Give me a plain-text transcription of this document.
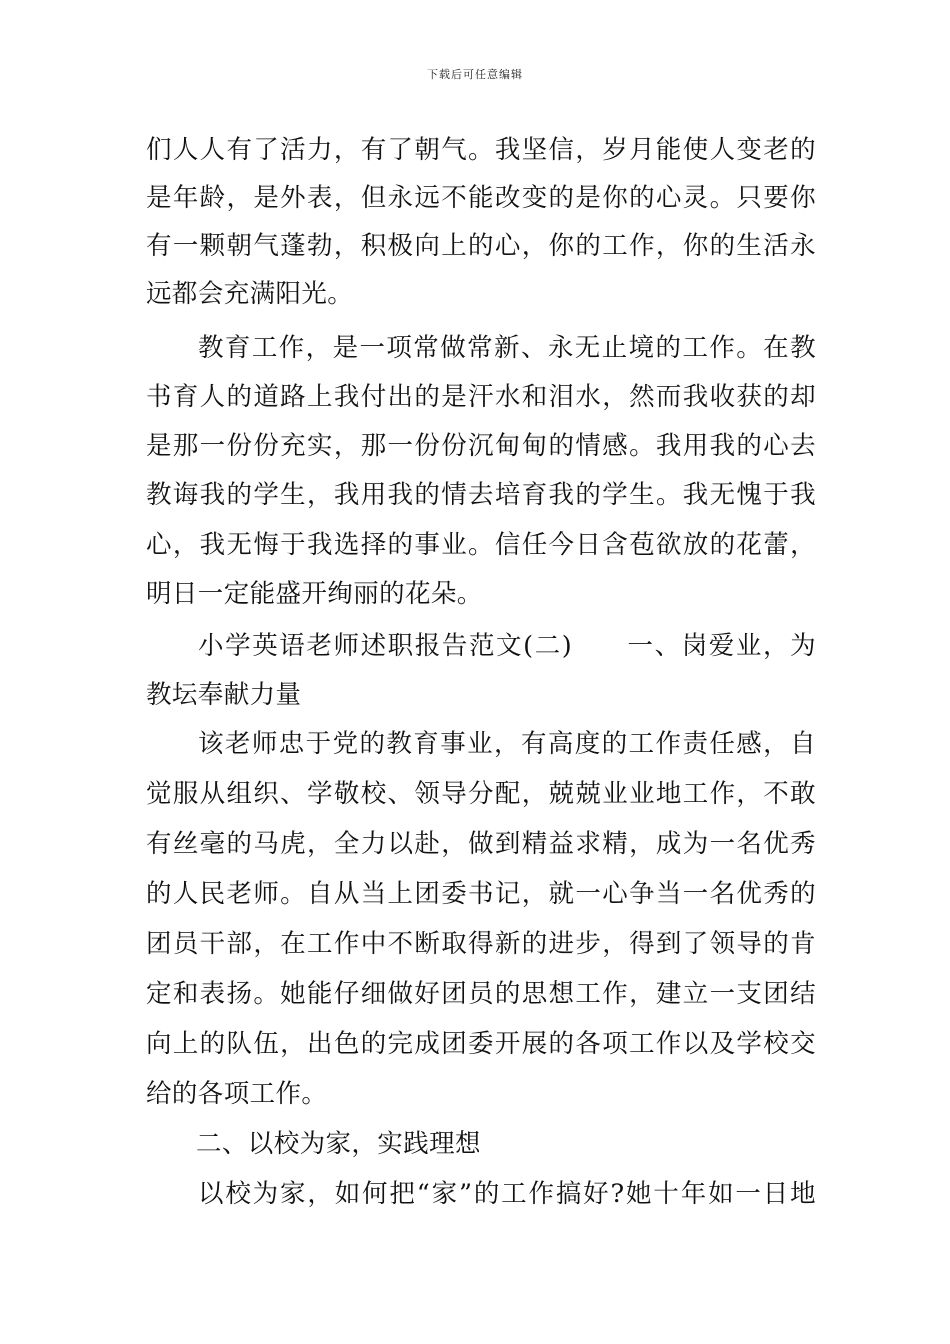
下载后可任意编辑
们人人有了活力，有了朝气。我坚信，岁月能使人变老的
是年龄，是外表，但永远不能改变的是你的心灵。只要你
有一颗朝气蓬勃，积极向上的心，你的工作，你的生活永
远都会充满阳光。
教育工作，是一项常做常新、永无止境的工作。在教
书育人的道路上我付出的是汗水和泪水，然而我收获的却
是那一份份充实，那一份份沉甸甸的情感。我用我的心去
教诲我的学生，我用我的情去培育我的学生。我无愧于我
心，我无悔于我选择的事业。信任今日含苞欲放的花蕾，
明日一定能盛开绚丽的花朵。
小学英语老师述职报告范文(二)　　一、岗爱业，为
教坛奉献力量
该老师忠于党的教育事业，有高度的工作责任感，自
觉服从组织、学敬校、领导分配，兢兢业业地工作，不敢
有丝毫的马虎，全力以赴，做到精益求精，成为一名优秀
的人民老师。自从当上团委书记，就一心争当一名优秀的
团员干部，在工作中不断取得新的进步，得到了领导的肯
定和表扬。她能仔细做好团员的思想工作，建立一支团结
向上的队伍，出色的完成团委开展的各项工作以及学校交
给的各项工作。
二、以校为家，实践理想
以校为家，如何把“家”的工作搞好?她十年如一日地
